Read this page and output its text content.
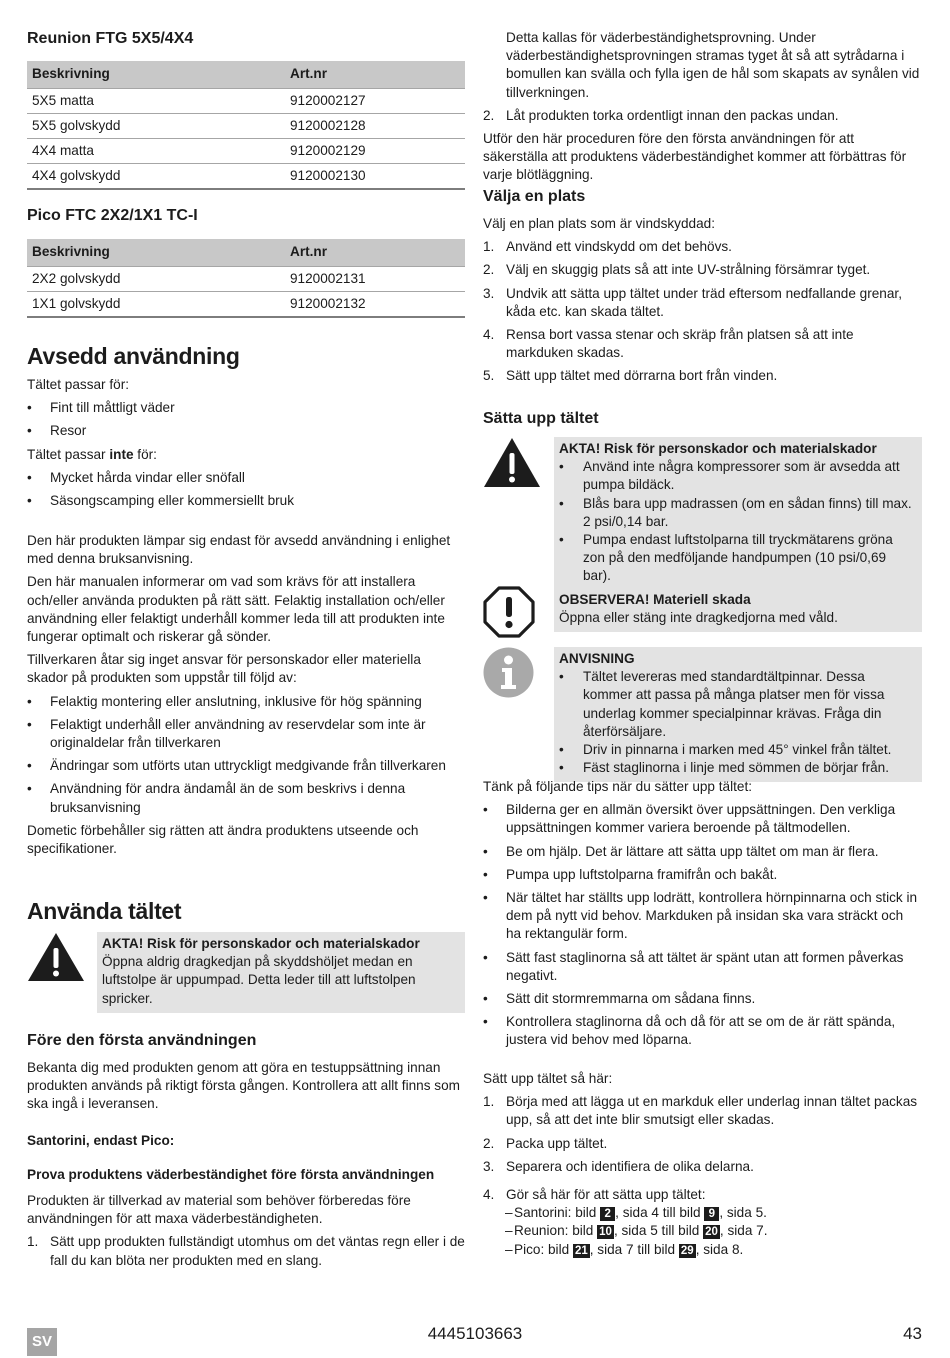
Reunion FTG 5X5/4X4
Beskrivning	Art.nr
5X5 matta	9120002127
5X5 golvskydd	9120002128
4X4 matta	9120002129
4X4 golvskydd	9120002130
Pico FTC 2X2/1X1 TC-I
Beskrivning	Art.nr
2X2 golvskydd	9120002131
1X1 golvskydd	9120002132
Avsedd användning

Tältet passar för:

• Fint till måttligt väder
• Resor

Tältet passar inte för:

• Mycket hårda vindar eller snöfall
• Säsongscamping eller kommersiellt bruk

Den här produkten lämpar sig endast för avsedd användning i enlighet med denna bruksanvisning.

Den här manualen informerar om vad som krävs för att installera och/eller använda produkten på rätt sätt. Felaktig installation och/eller användning eller felaktigt underhåll kommer leda till att produkten inte fungerar optimalt och riskerar gå sönder.

Tillverkaren åtar sig inget ansvar för personskador eller materiella skador på produkten som uppstår till följd av:

• Felaktig montering eller anslutning, inklusive för hög spänning
• Felaktigt underhåll eller användning av reservdelar som inte är originaldelar från tillverkaren
• Ändringar som utförts utan uttryckligt medgivande från tillverkaren
• Användning för andra ändamål än de som beskrivs i denna bruksanvisning

Dometic förbehåller sig rätten att ändra produktens utseende och specifikationer.

Använda tältet
AKTA! Risk för personskador och materialskador

Öppna aldrig dragkedjan på skyddshöljet medan en luftstolpe är uppumpad. Detta leder till att luftstolpen spricker.

Före den första användningen

Bekanta dig med produkten genom att göra en testuppsättning innan produkten används på riktigt första gången. Kontrollera att allt finns som ska ingå i leveransen.

Santorini, endast Pico:
Prova produktens väderbeständighet före första användningen

Produkten är tillverkad av material som behöver förberedas före användningen för att maxa väderbeständigheten.

1. Sätt upp produkten fullständigt utomhus om det väntas regn eller i de fall du kan blöta ner produkten med en slang.

Detta kallas för väderbeständighetsprovning. Under väderbeständighetsprovningen stramas tyget åt så att sytrådarna i bomullen kan svälla och fylla igen de hål som skapats av synålen vid tillverkningen.

2. Låt produkten torka ordentligt innan den packas undan.

Utför den här proceduren före den första användningen för att säkerställa att produktens väderbeständighet kommer att förbättras för varje blötläggning.

Välja en plats

Välj en plan plats som är vindskyddad:

1. Använd ett vindskydd om det behövs.
2. Välj en skuggig plats så att inte UV-strålning försämrar tyget.
3. Undvik att sätta upp tältet under träd eftersom nedfallande grenar, kåda etc. kan skada tältet.
4. Rensa bort vassa stenar och skräp från platsen så att inte markduken skadas.
5. Sätt upp tältet med dörrarna bort från vinden.
Sätta upp tältet
AKTA! Risk för personskador och materialskador
• Använd inte några kompressorer som är avsedda att pumpa bildäck.
• Blås bara upp madrassen (om en sådan finns) till max. 2 psi/0,14 bar.
• Pumpa endast luftstolparna till tryckmätarens gröna zon på den medföljande handpumpen (10 psi/0,69 bar).
OBSERVERA! Materiell skada

Öppna eller stäng inte dragkedjorna med våld.

ANVISNING
• Tältet levereras med standardtältpinnar. Dessa kommer att passa på många platser men för vissa underlag kommer specialpinnar krävas. Fråga din återförsäljare.
• Driv in pinnarna i marken med 45° vinkel från tältet.
• Fäst staglinorna i linje med sömmen de börjar från.

Tänk på följande tips när du sätter upp tältet:

• Bilderna ger en allmän översikt över uppsättningen. Den verkliga uppsättningen kommer variera beroende på tältmodellen.
• Be om hjälp. Det är lättare att sätta upp tältet om man är flera.
• Pumpa upp luftstolparna framifrån och bakåt.
• När tältet har ställts upp lodrätt, kontrollera hörnpinnarna och stick in dem på nytt vid behov. Markduken på insidan ska vara sträckt och ha rektangulär form.
• Sätt fast staglinorna så att tältet är spänt utan att formen påverkas negativt.
• Sätt dit stormremmarna om sådana finns.
• Kontrollera staglinorna då och då för att se om de är rätt spända, justera vid behov med löparna.

Sätt upp tältet så här:

1. Börja med att lägga ut en markduk eller underlag innan tältet packas upp, så att det inte blir smutsigt eller skadas.
2. Packa upp tältet.
3. Separera och identifiera de olika delarna.
4. Gör så här för att sätta upp tältet:
– Santorini: bild 2 , sida 4 till bild 9 , sida 5.
– Reunion: bild 10 , sida 5 till bild 20 , sida 7.
– Pico: bild 21 , sida 7 till bild 29 , sida 8.
SV	4445103663	43
